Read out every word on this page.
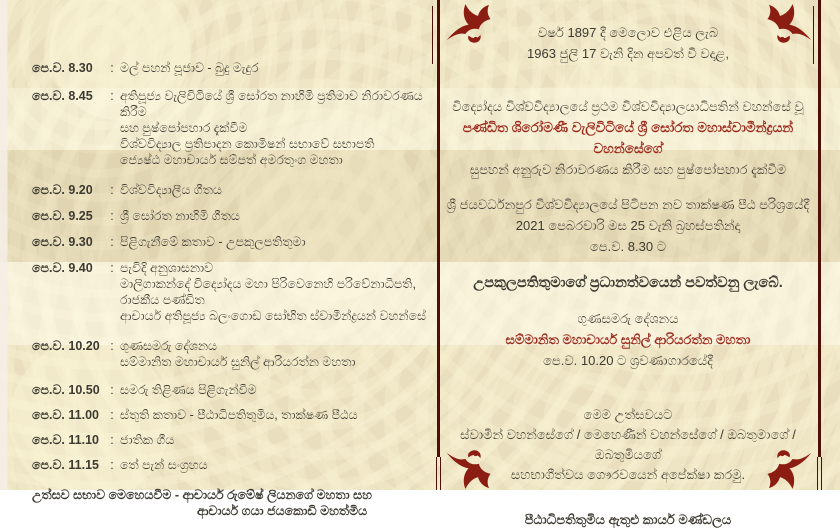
පෙ.ව. 8.30	: මල් පහන් පූජාව - බුදු මැදුර
පෙ.ව. 8.45	: අතිපූජ්‍ය වැලිවිටියේ ශ්‍රී සෝරත නාහිමි ප්‍රතිමාව නිරාවරණය කිරීම
සහ පුෂ්පෝපහාර දැක්වීම
විශ්වවිද්‍යාල ප්‍රතිපාදන කොමිෂන් සභාවේ සභාපති
ජ්‍යෙෂ්ඨ මහාචාර්ය සම්පත් අමරතුංග මහතා
පෙ.ව. 9.20	: විශ්වවිද්‍යාලීය ගීතය
පෙ.ව. 9.25	: ශ්‍රී සෝරත නාහිමි ගීතය
පෙ.ව. 9.30	: පිළිගැනීමේ කතාව - උපකුලපතිතුමා
පෙ.ව. 9.40	: පැවිදි අනුශාසනාව
මාලිගාකන්දේ විද්‍යෝදය මහා පිරිවෙනෙහි පරිවේනාධිපති, රාජකීය පණ්ඩිත
ආචාර්ය අතිපූජ්‍ය බලංගොඩ සෝභිත ස්වාමීන්ද්‍රයන් වහන්සේ
පෙ.ව. 10.20 : ගුණසමරු දේශනය
සම්මානිත මහාචාර්ය සුනිල් ආරියරත්න මහතා
පෙ.ව. 10.50 : සමරු තිළිණය පිළිගැන්වීම
පෙ.ව. 11.00 : ස්තුති කතාව - පීඨාධිපතිතුමිය, තාක්ෂණ පීඨය
පෙ.ව. 11.10 : ජාතික ගීය
පෙ.ව. 11.15 : තේ පැන් සංග්‍රහය
උත්සව සභාව මෙහෙයවීම - ආචාර්ය රුමේෂ් ලියනගේ මහතා සහ
ආචාර්ය ගයා ජයකොඩි මහත්මිය
වර්ෂ 1897 දී මෙලොව එළිය ලැබ
1963 ජුලි 17 වැනි දින අපවත් වී වදාළ,
විද්‍යෝදය විශ්වවිද්‍යාලයේ ප්‍රථම විශ්වවිද්‍යාලයාධිපතින් වහන්සේ වූ
පණ්ඩිත ශිරෝමණී වැලිවිටියේ ශ්‍රී සෝරත මහාස්වාමීන්ද්‍රයන් වහන්සේගේ
සුපහන් අනුරුව නිරාවරණය කිරීම සහ පුෂ්පෝපහාර දැක්වීම
ශ්‍රී ජයවර්ධනපුර විශ්වවිද්‍යාලයේ පිටිපන නව තාක්ෂණ පීඨ පරිශ්‍රයේදී
2021 පෙබරවාරි මස 25 වැනි බ්‍රහස්පතින්දා
පෙ.ව. 8.30 ට
උපකුලපතිතුමාගේ ප්‍රධානත්වයෙන් පවත්වනු ලැබේ.
ගුණසමරු දේශනය
සම්මානිත මහාචාර්ය සුනිල් ආරියරත්න මහතා
පෙ.ව. 10.20 ට ශ්‍රවණාගාරයේදී
මෙම උත්සවයට
ස්වාමීන් වහන්සේගේ / මෙහෙණීන් වහන්සේගේ / ඔබතුමාගේ / ඔබතුමියගේ
සහභාගීත්වය ගෞරවයෙන් අපේක්ෂා කරමු.
පීඨාධිපතිතුමිය ඇතුළු කාර්ය මණ්ඩලය
